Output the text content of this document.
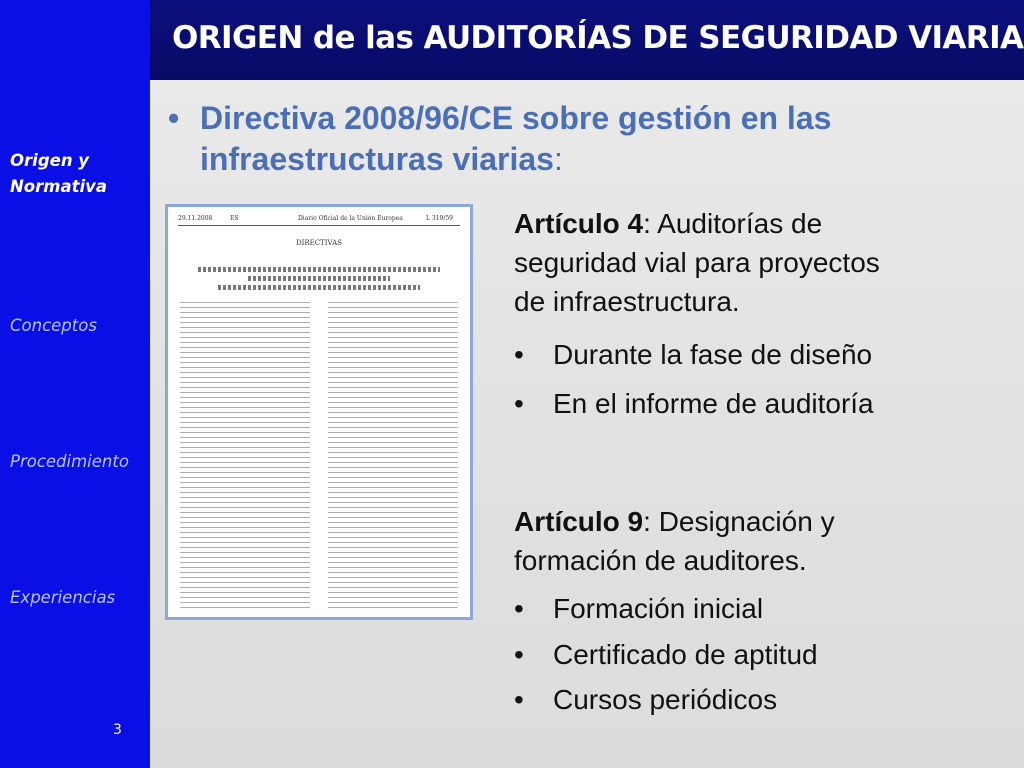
ORIGEN de las AUDITORÍAS DE SEGURIDAD VIARIA
Origen y
Normativa
Conceptos
Procedimiento
Experiencias
3
• Directiva 2008/96/CE sobre gestión en las
infraestructuras viarias:
29.11.2008	ES	Diario Oficial de la Unión Europea	L 319/59
DIRECTIVAS
Artículo 4: Auditorías de
seguridad vial para proyectos
de infraestructura.
• Durante la fase de diseño
• En el informe de auditoría
Artículo 9: Designación y
formación de auditores.
• Formación inicial
• Certificado de aptitud
• Cursos periódicos
